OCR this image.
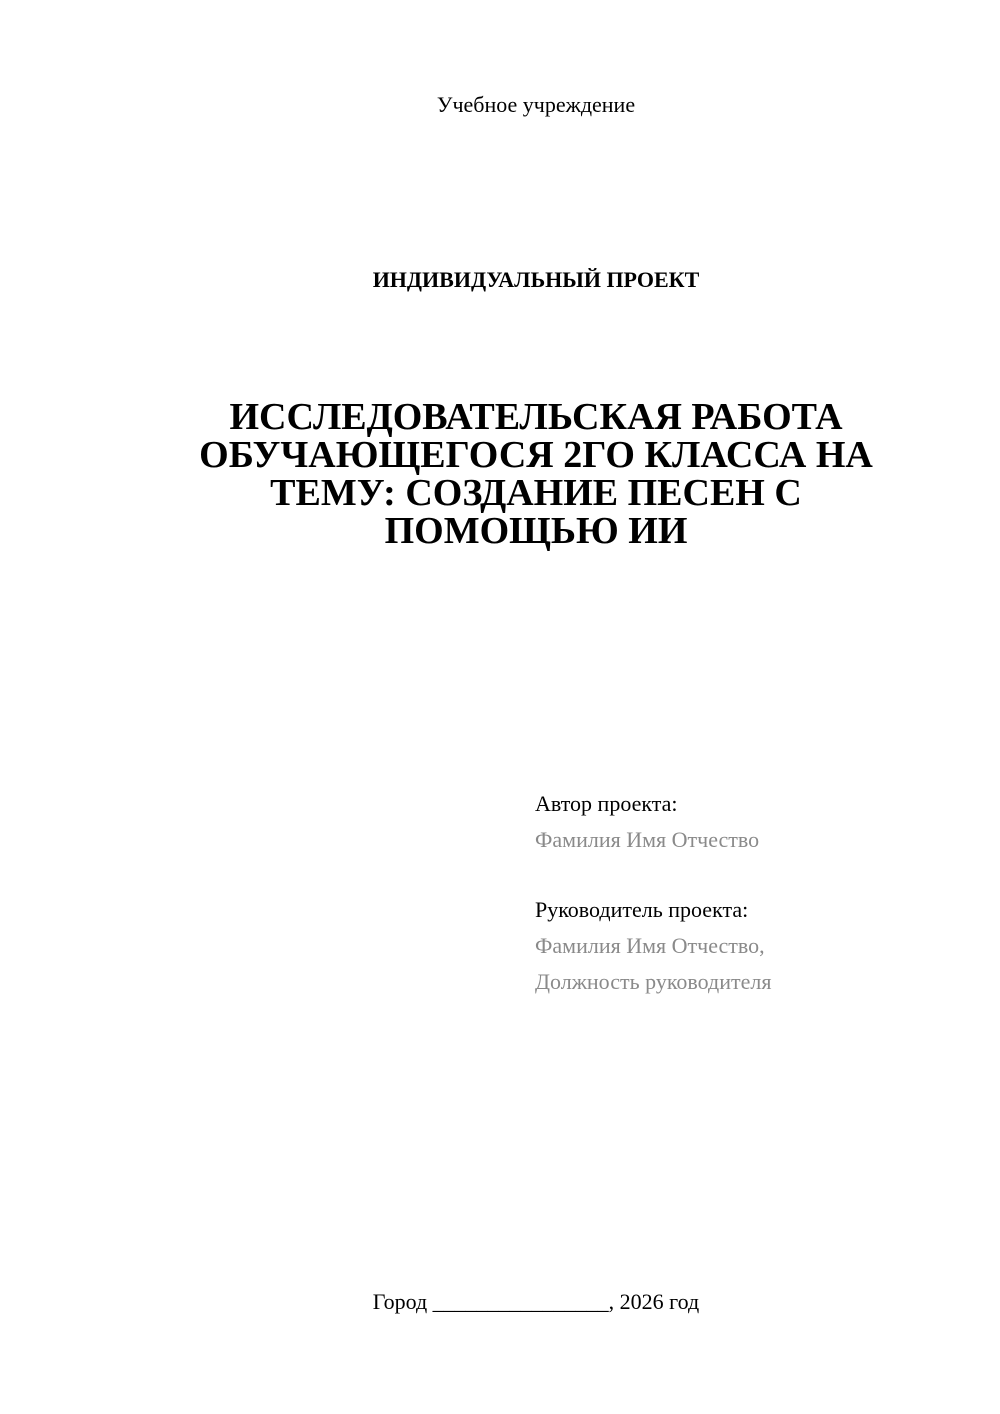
Учебное учреждение
ИНДИВИДУАЛЬНЫЙ ПРОЕКТ
ИССЛЕДОВАТЕЛЬСКАЯ РАБОТА
ОБУЧАЮЩЕГОСЯ 2ГО КЛАССА НА
ТЕМУ: СОЗДАНИЕ ПЕСЕН С
ПОМОЩЬЮ ИИ
Автор проекта:
Фамилия Имя Отчество
Руководитель проекта:
Фамилия Имя Отчество,
Должность руководителя
Город ________________, 2026 год
